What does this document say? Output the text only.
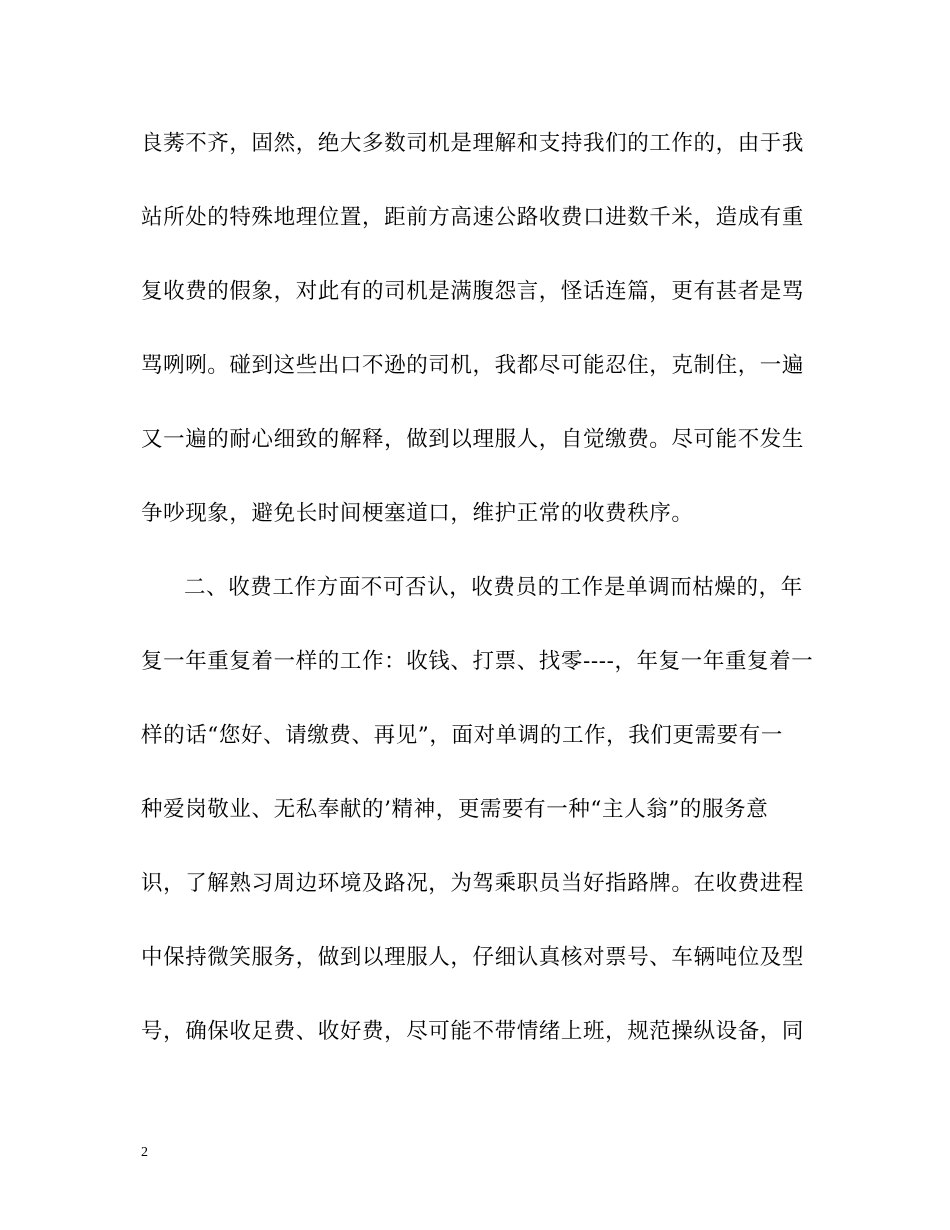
良莠不齐，固然，绝大多数司机是理解和支持我们的工作的，由于我
站所处的特殊地理位置，距前方高速公路收费口进数千米，造成有重
复收费的假象，对此有的司机是满腹怨言，怪话连篇，更有甚者是骂
骂咧咧。碰到这些出口不逊的司机，我都尽可能忍住，克制住，一遍
又一遍的耐心细致的解释，做到以理服人，自觉缴费。尽可能不发生
争吵现象，避免长时间梗塞道口，维护正常的收费秩序。
二、收费工作方面不可否认，收费员的工作是单调而枯燥的，年
复一年重复着一样的工作：收钱、打票、找零----，年复一年重复着一
样的话“您好、请缴费、再见”，面对单调的工作，我们更需要有一
种爱岗敬业、无私奉献的’精神，更需要有一种“主人翁”的服务意
识，了解熟习周边环境及路况，为驾乘职员当好指路牌。在收费进程
中保持微笑服务，做到以理服人，仔细认真核对票号、车辆吨位及型
号，确保收足费、收好费，尽可能不带情绪上班，规范操纵设备，同
2
